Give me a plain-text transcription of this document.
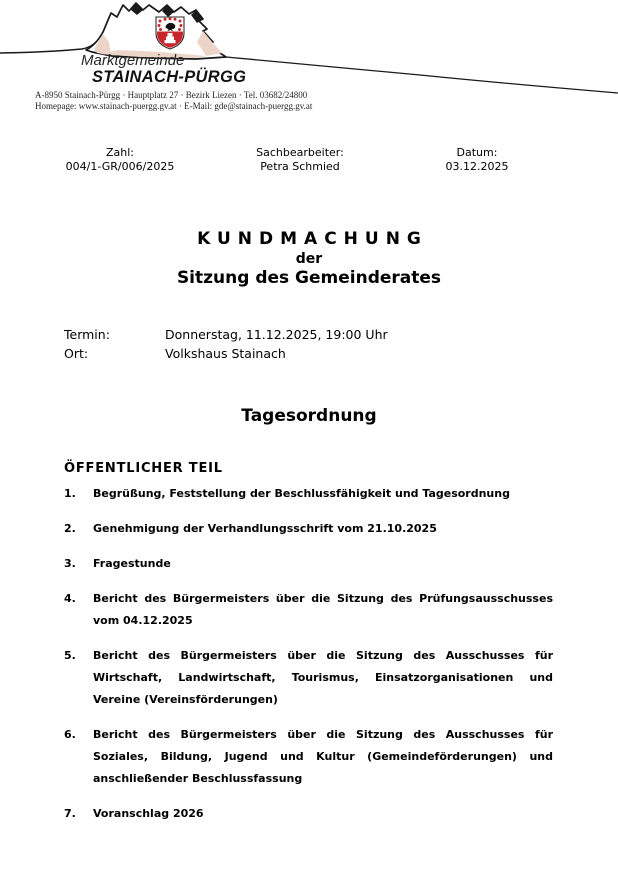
Marktgemeinde
STAINACH-PÜRGG
A-8950 Stainach-Pürgg · Hauptplatz 27 · Bezirk Liezen · Tel. 03682/24800
Homepage: www.stainach-puergg.gv.at · E-Mail: gde@stainach-puergg.gv.at
Zahl:
004/1-GR/006/2025
Sachbearbeiter:
Petra Schmied
Datum:
03.12.2025
KUNDMACHUNG
der
Sitzung des Gemeinderates
Termin:	Donnerstag, 11.12.2025, 19:00 Uhr
Ort:	Volkshaus Stainach
Tagesordnung
ÖFFENTLICHER TEIL
1.	Begrüßung, Feststellung der Beschlussfähigkeit und Tagesordnung
2.	Genehmigung der Verhandlungsschrift vom 21.10.2025
3.	Fragestunde
4.	Bericht des Bürgermeisters über die Sitzung des Prüfungsausschusses vom 04.12.2025
5.	Bericht des Bürgermeisters über die Sitzung des Ausschusses für Wirtschaft, Landwirtschaft, Tourismus, Einsatzorganisationen und Vereine (Vereinsförderungen)
6.	Bericht des Bürgermeisters über die Sitzung des Ausschusses für Soziales, Bildung, Jugend und Kultur (Gemeindeförderungen) und anschließender Beschlussfassung
7.	Voranschlag 2026
